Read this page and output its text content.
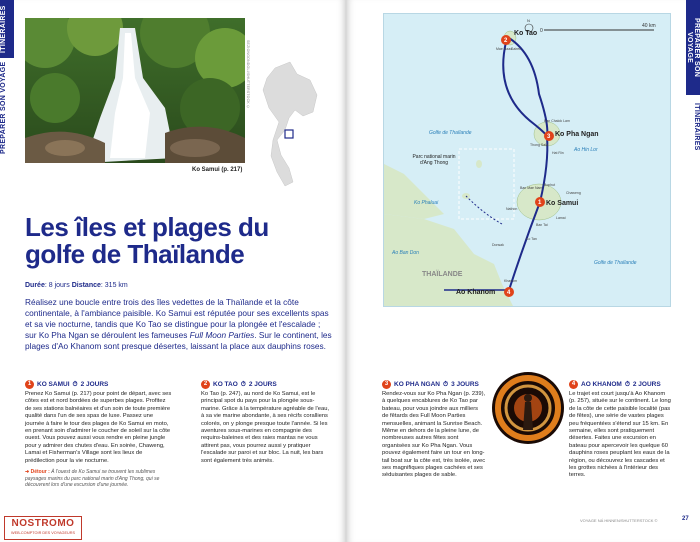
ITINÉRAIRES
PRÉPARER SON VOYAGE
Ko Samui (p. 217)
SEZIONGONDOLI/SHUTTERSTOCK ©
Les îles et plages du golfe de Thaïlande
Durée: 8 jours Distance: 315 km
Réalisez une boucle entre trois des îles vedettes de la Thaïlande et la côte continentale, à l'ambiance paisible. Ko Samui est réputée pour ses excellents spas et sa vie nocturne, tandis que Ko Tao se distingue pour la plongée et l'escalade ; sur Ko Pha Ngan se déroulent les fameuses Full Moon Parties. Sur le continent, les plages d'Ao Khanom sont presque désertes, laissant la place aux dauphins roses.
1 KO SAMUI ⏱ 2 JOURS
Prenez Ko Samui (p. 217) pour point de départ, avec ses côtes est et nord bordées de superbes plages. Profitez de ses stations balnéaires et d'un soin de toute première qualité dans l'un de ses spas de luxe. Passez une journée à faire le tour des plages de Ko Samui en moto, en prenant soin d'admirer le coucher de soleil sur la côte ouest. Vous pouvez aussi vous rendre en pleine jungle pour y admirer des chutes d'eau. En soirée, Chaweng, Lamai et Fisherman's Village sont les lieux de prédilection pour la vie nocturne.
➜ Détour : À l'ouest de Ko Samui se trouvent les sublimes paysages marins du parc national marin d'Ang Thong, qui se découvrent lors d'une excursion d'une journée.
2 KO TAO ⏱ 2 JOURS
Ko Tao (p. 247), au nord de Ko Samui, est le principal spot du pays pour la plongée sous-marine. Grâce à la température agréable de l'eau, à sa vie marine abondante, à ses récifs coralliens colorés, on y plonge presque toute l'année. Si les aventures sous-marines en compagnie des requins-baleines et des raies mantas ne vous attirent pas, vous pourrez aussi y pratiquer l'escalade sur paroi et sur bloc. La nuit, les bars sont également très animés.
NOSTROMO
WEB-COMPTOIR DES VOYAGEURS
PRÉPARER SON VOYAGE
ITINÉRAIRES
0
40 km
N
2
3
1
4
Ko Tao
Mae Haad
Sairee
Ko Pha Ngan
Ban Chalok Lam
Thong Sala
Hat Rin Ao Hin Lor
Ko Samui
Chaweng
Lamai
Bophut
Ban Mae Nam
Nathon
Ban Tai
Ko Tan
Khanom
Donsak
Ao Khanom
Golfe de Thaïlande
Golfe de Thaïlande
Ko Phaluai
Ao Ban Don
THAÏLANDE
Parc national marin d'Ang Thong
3 KO PHA NGAN ⏱ 3 JOURS
Rendez-vous sur Ko Pha Ngan (p. 239), à quelques encablures de Ko Tao par bateau, pour vous joindre aux milliers de fêtards des Full Moon Parties mensuelles, animant la Sunrise Beach. Même en dehors de la pleine lune, de nombreuses autres fêtes sont organisées sur Ko Pha Ngan. Vous pouvez également faire un tour en long-tail boat sur la côte est, très isolée, avec ses magnifiques plages cachées et ses séduisantes plages de sable.
4 AO KHANOM ⏱ 2 JOURS
Le trajet est court jusqu'à Ao Khanom (p. 257), située sur le continent. Le long de la côte de cette paisible localité (pas de fêtes), une série de vastes plages peu fréquentées s'étend sur 15 km. En semaine, elles sont pratiquement désertes. Faites une excursion en bateau pour apercevoir les quelque 60 dauphins roses peuplant les eaux de la région, ou découvrez les cascades et les grottes nichées à l'intérieur des terres.
VOYAGE NÁ HINNEN/SHUTTERSTOCK ©	27
